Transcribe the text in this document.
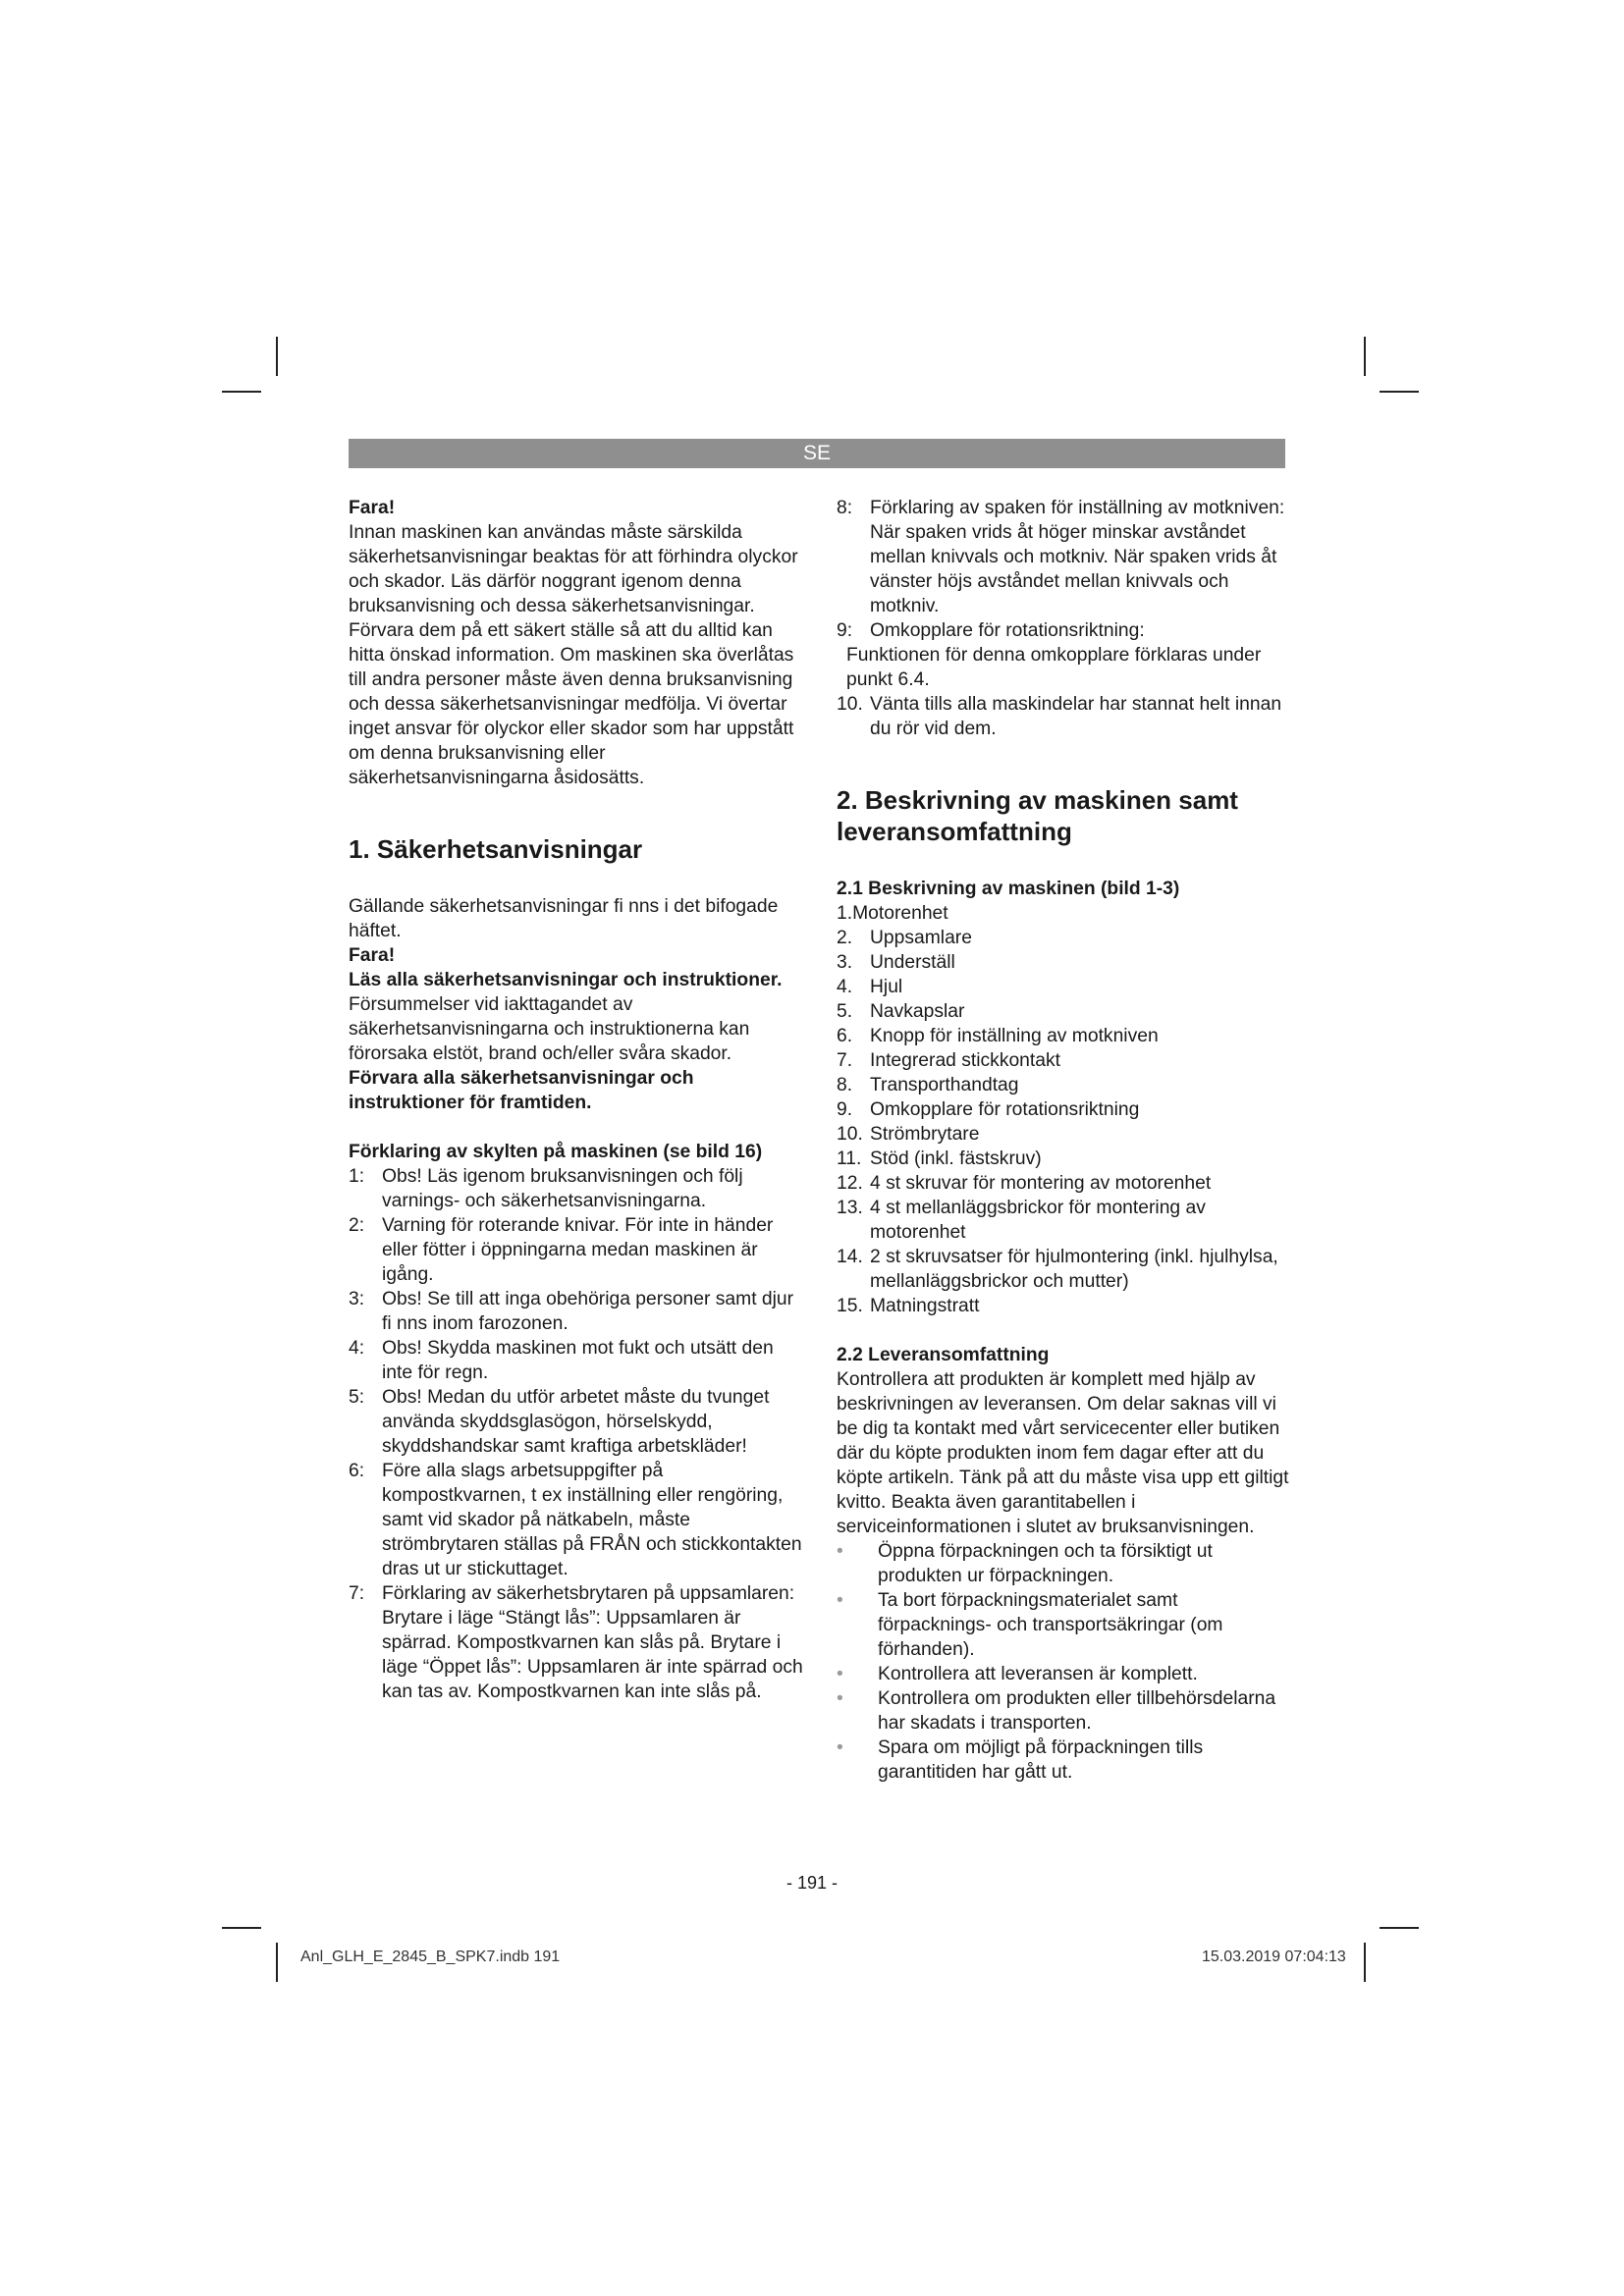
SE

Fara!

Innan maskinen kan användas måste särskilda säkerhetsanvisningar beaktas för att förhindra olyckor och skador. Läs därför noggrant igenom denna bruksanvisning och dessa säkerhetsanvisningar. Förvara dem på ett säkert ställe så att du alltid kan hitta önskad information. Om maskinen ska överlåtas till andra personer måste även denna bruksanvisning och dessa säkerhetsanvisningar medfölja. Vi övertar inget ansvar för olyckor eller skador som har uppstått om denna bruksanvisning eller säkerhetsanvisningarna åsidosätts.

1. Säkerhetsanvisningar

Gällande säkerhetsanvisningar fi nns i det bifogade häftet.

Fara!

Läs alla säkerhetsanvisningar och instruktioner. Försummelser vid iakttagandet av säkerhetsanvisningarna och instruktionerna kan förorsaka elstöt, brand och/eller svåra skador. Förvara alla säkerhetsanvisningar och instruktioner för framtiden.

Förklaring av skylten på maskinen (se bild 16)

1: Obs! Läs igenom bruksanvisningen och följ varnings- och säkerhetsanvisningarna.
2: Varning för roterande knivar. För inte in händer eller fötter i öppningarna medan maskinen är igång.
3: Obs! Se till att inga obehöriga personer samt djur fi nns inom farozonen.
4: Obs! Skydda maskinen mot fukt och utsätt den inte för regn.
5: Obs! Medan du utför arbetet måste du tvunget använda skyddsglasögon, hörselskydd, skyddshandskar samt kraftiga arbetskläder!
6: Före alla slags arbetsuppgifter på kompostkvarnen, t ex inställning eller rengöring, samt vid skador på nätkabeln, måste strömbrytaren ställas på FRÅN och stickkontakten dras ut ur stickuttaget.
7: Förklaring av säkerhetsbrytaren på uppsamlaren:
Brytare i läge “Stängt lås”: Uppsamlaren är spärrad. Kompostkvarnen kan slås på. Brytare i läge “Öppet lås”: Uppsamlaren är inte spärrad och kan tas av. Kompostkvarnen kan inte slås på.
8: Förklaring av spaken för inställning av motkniven:
När spaken vrids åt höger minskar avståndet mellan knivvals och motkniv. När spaken vrids åt vänster höjs avståndet mellan knivvals och motkniv.
9: Omkopplare för rotationsriktning:

Funktionen för denna omkopplare förklaras under punkt 6.4.

10. Vänta tills alla maskindelar har stannat helt innan du rör vid dem.

2. Beskrivning av maskinen samt leveransomfattning

2.1 Beskrivning av maskinen (bild 1-3)

1.Motorenhet

2. Uppsamlare
3. Underställ
4. Hjul
5. Navkapslar
6. Knopp för inställning av motkniven
7. Integrerad stickkontakt
8. Transporthandtag
9. Omkopplare för rotationsriktning
10. Strömbrytare
11. Stöd (inkl. fästskruv)
12. 4 st skruvar för montering av motorenhet
13. 4 st mellanläggsbrickor för montering av motorenhet
14. 2 st skruvsatser för hjulmontering (inkl. hjulhylsa, mellanläggsbrickor och mutter)
15. Matningstratt

2.2 Leveransomfattning

Kontrollera att produkten är komplett med hjälp av beskrivningen av leveransen. Om delar saknas vill vi be dig ta kontakt med vårt servicecenter eller butiken där du köpte produkten inom fem dagar efter att du köpte artikeln. Tänk på att du måste visa upp ett giltigt kvitto. Beakta även garantitabellen i serviceinformationen i slutet av bruksanvisningen.

• Öppna förpackningen och ta försiktigt ut produkten ur förpackningen.
• Ta bort förpackningsmaterialet samt förpacknings- och transportsäkringar (om förhanden).
• Kontrollera att leveransen är komplett.
• Kontrollera om produkten eller tillbehörsdelarna har skadats i transporten.
• Spara om möjligt på förpackningen tills garantitiden har gått ut.
- 191 -
Anl_GLH_E_2845_B_SPK7.indb 191	15.03.2019 07:04:13
